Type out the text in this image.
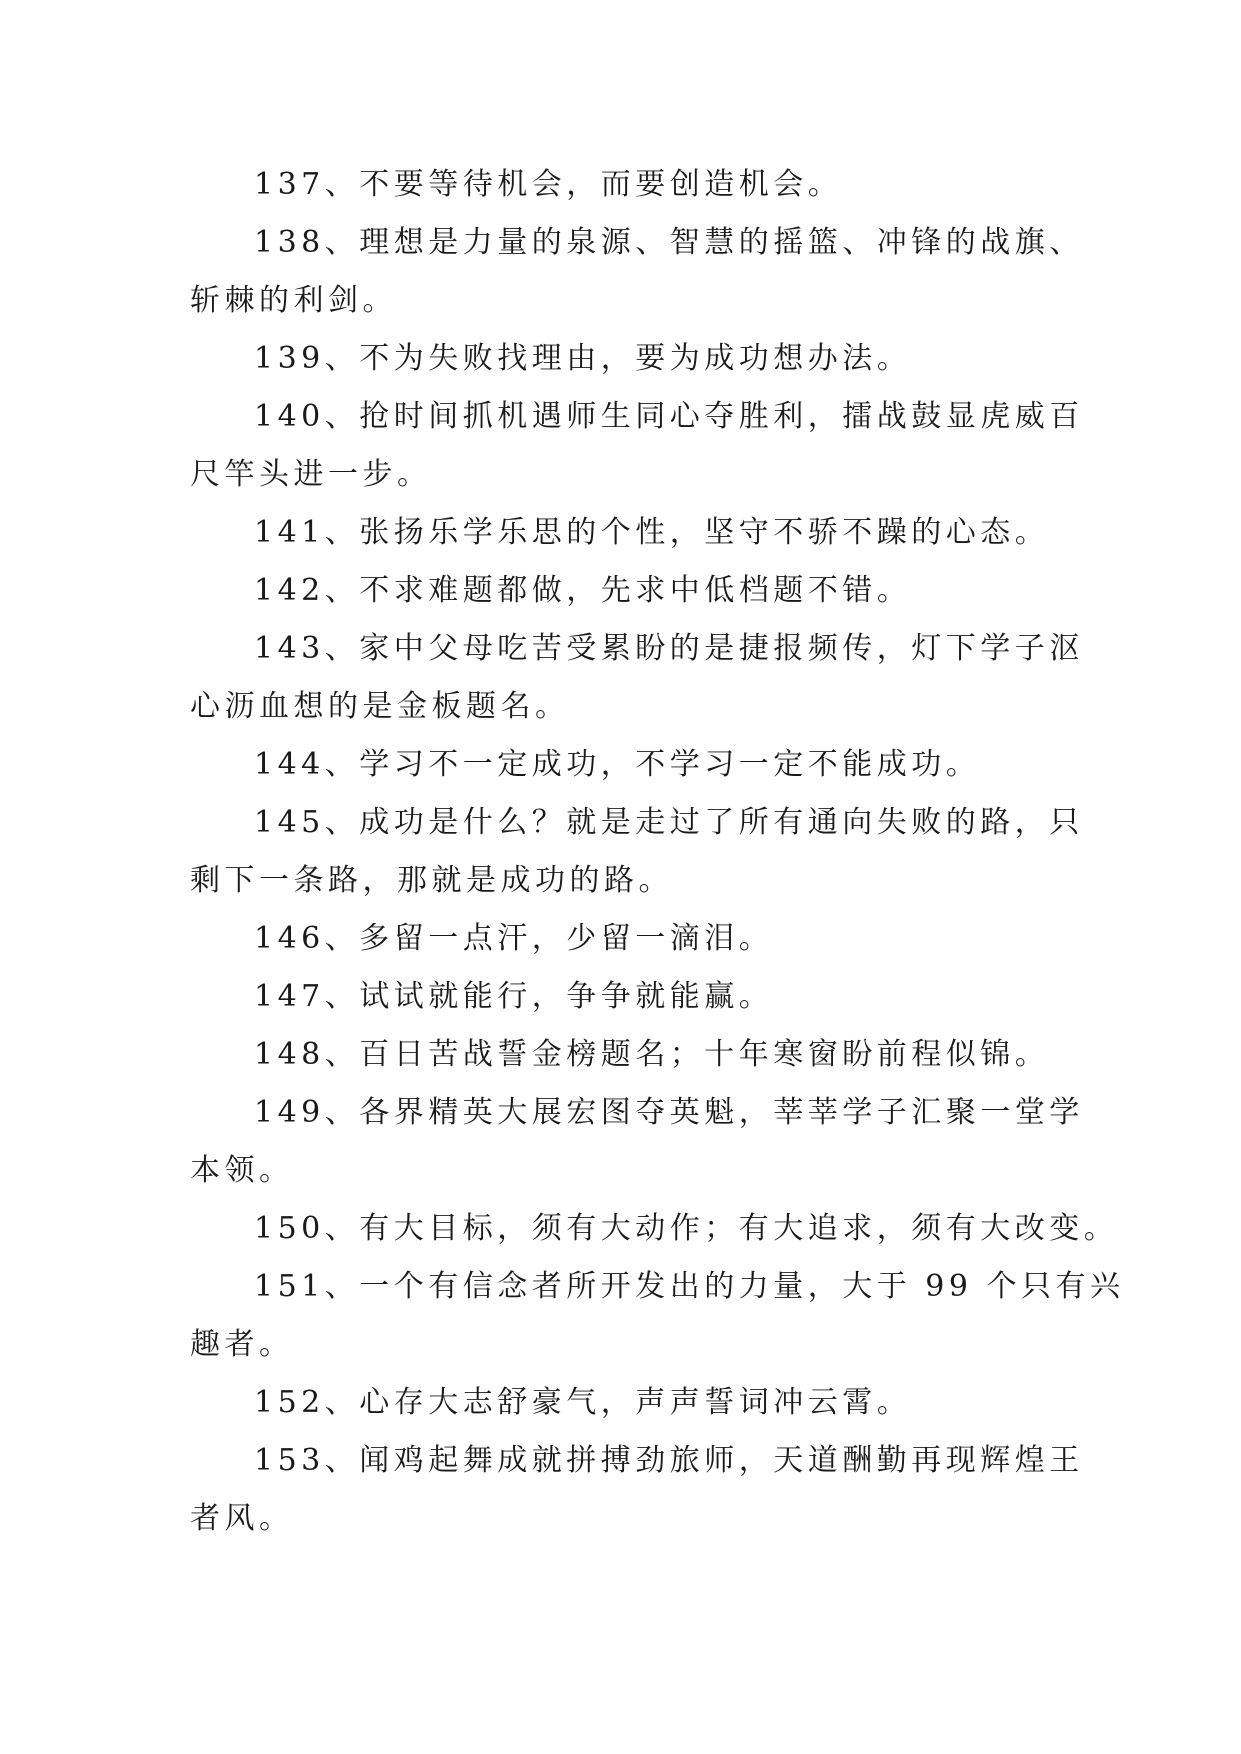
137、不要等待机会，而要创造机会。
138、理想是力量的泉源、智慧的摇篮、冲锋的战旗、
斩棘的利剑。
139、不为失败找理由，要为成功想办法。
140、抢时间抓机遇师生同心夺胜利，擂战鼓显虎威百
尺竿头进一步。
141、张扬乐学乐思的个性，坚守不骄不躁的心态。
142、不求难题都做，先求中低档题不错。
143、家中父母吃苦受累盼的是捷报频传，灯下学子沤
心沥血想的是金板题名。
144、学习不一定成功，不学习一定不能成功。
145、成功是什么？就是走过了所有通向失败的路，只
剩下一条路，那就是成功的路。
146、多留一点汗，少留一滴泪。
147、试试就能行，争争就能赢。
148、百日苦战誓金榜题名；十年寒窗盼前程似锦。
149、各界精英大展宏图夺英魁，莘莘学子汇聚一堂学
本领。
150、有大目标，须有大动作；有大追求，须有大改变。
151、一个有信念者所开发出的力量，大于 99 个只有兴
趣者。
152、心存大志舒豪气，声声誓词冲云霄。
153、闻鸡起舞成就拼搏劲旅师，天道酬勤再现辉煌王
者风。
